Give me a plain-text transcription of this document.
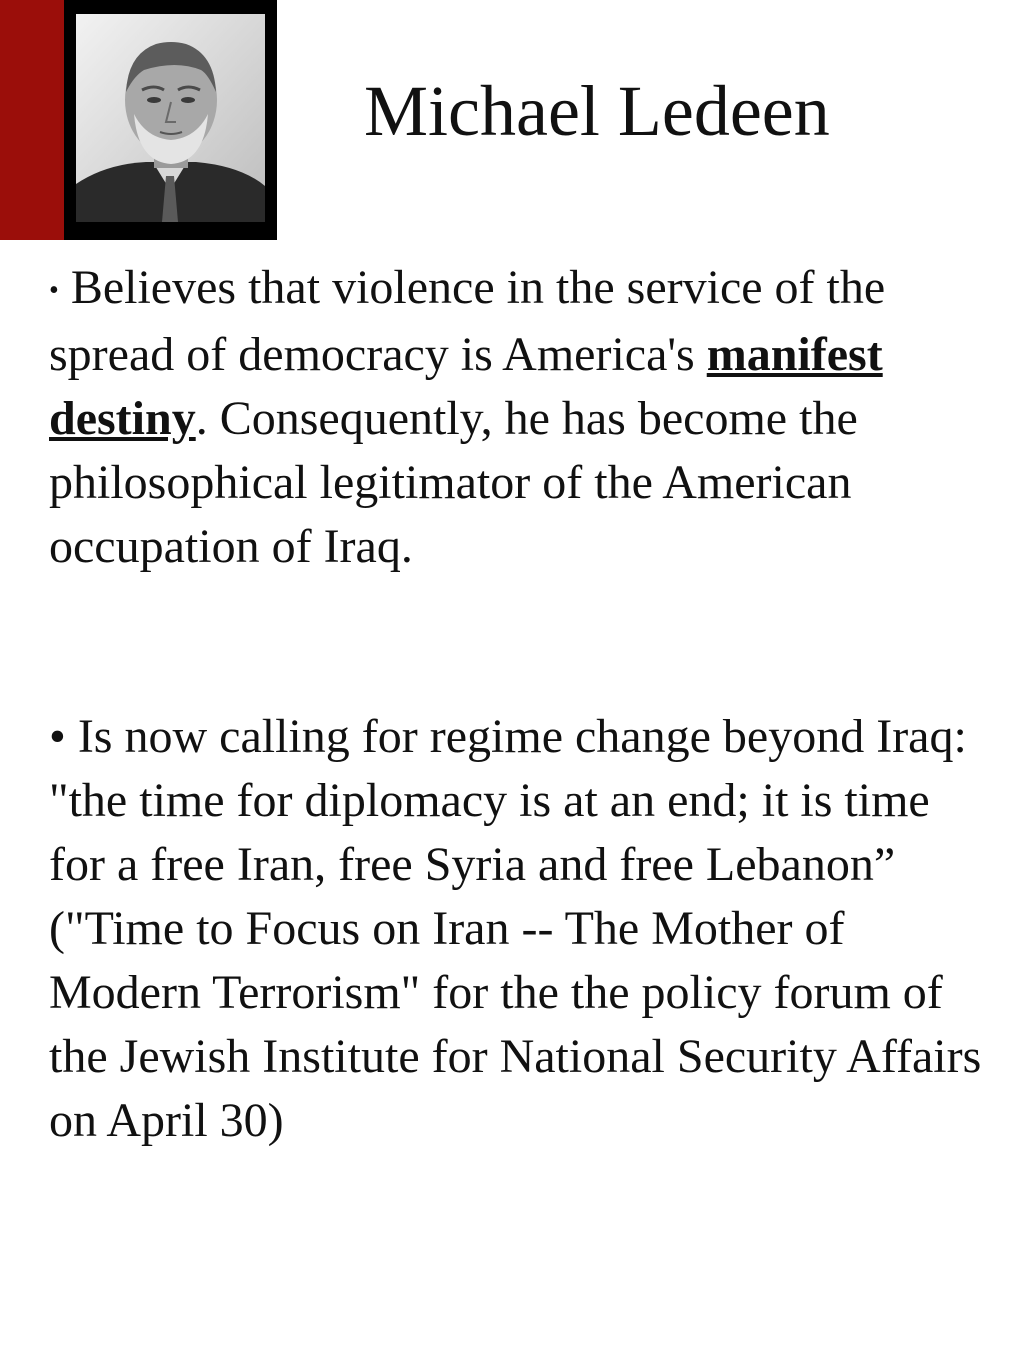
Michael Ledeen

• Believes that violence in the service of the spread of democracy is America's manifest destiny. Consequently, he has become the philosophical legitimator of the American occupation of Iraq.

• Is now calling for regime change beyond Iraq: "the time for diplomacy is at an end; it is time for a free Iran, free Syria and free Lebanon” ("Time to Focus on Iran -- The Mother of Modern Terrorism" for the the policy forum of the Jewish Institute for National Security Affairs on April 30)
